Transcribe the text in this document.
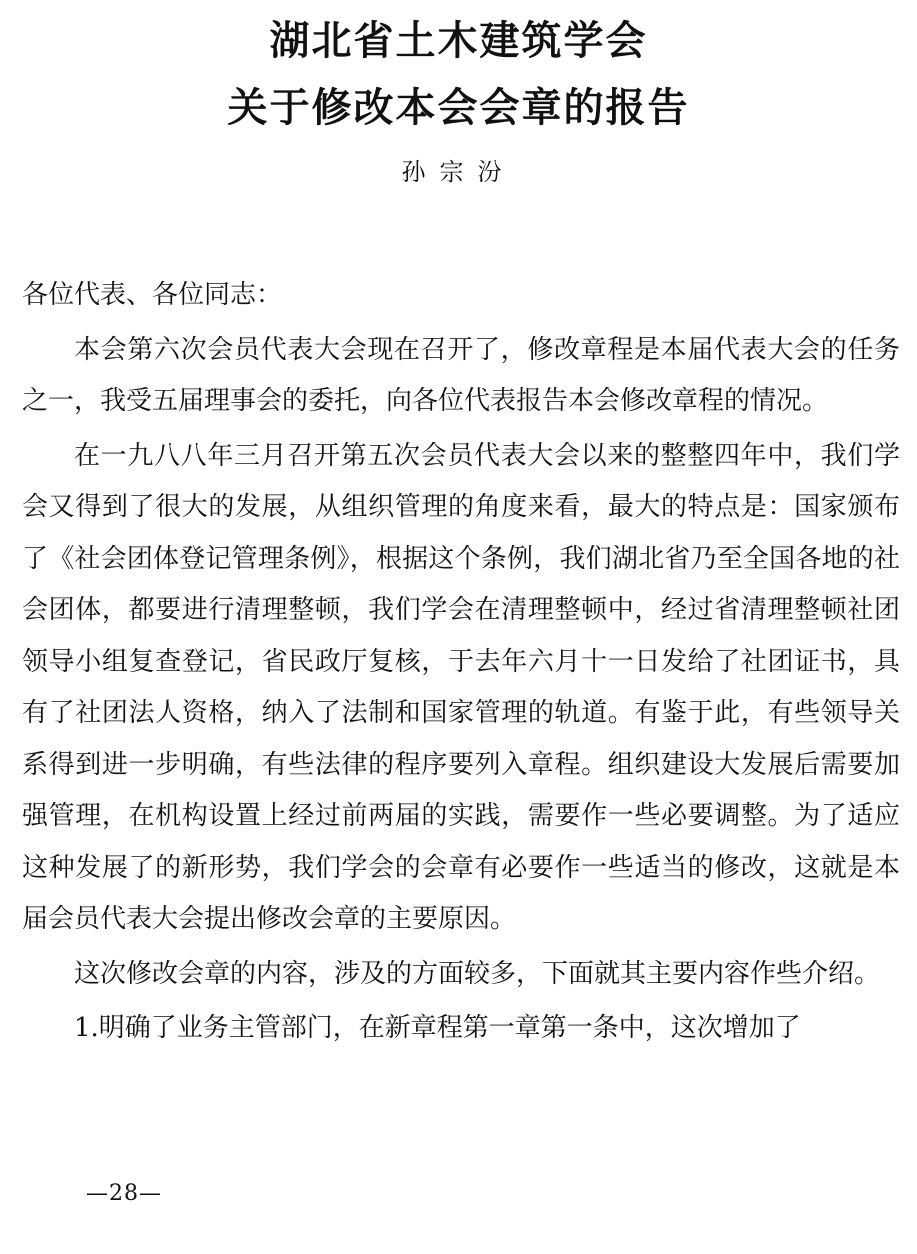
湖北省土木建筑学会
关于修改本会会章的报告
孙宗汾

各位代表、各位同志：

本会第六次会员代表大会现在召开了，修改章程是本届代表大会的任务之一，我受五届理事会的委托，向各位代表报告本会修改章程的情况。

在一九八八年三月召开第五次会员代表大会以来的整整四年中，我们学会又得到了很大的发展，从组织管理的角度来看，最大的特点是：国家颁布了《社会团体登记管理条例》，根据这个条例，我们湖北省乃至全国各地的社会团体，都要进行清理整顿，我们学会在清理整顿中，经过省清理整顿社团领导小组复查登记，省民政厅复核，于去年六月十一日发给了社团证书，具有了社团法人资格，纳入了法制和国家管理的轨道。有鉴于此，有些领导关系得到进一步明确，有些法律的程序要列入章程。组织建设大发展后需要加强管理，在机构设置上经过前两届的实践，需要作一些必要调整。为了适应这种发展了的新形势，我们学会的会章有必要作一些适当的修改，这就是本届会员代表大会提出修改会章的主要原因。

这次修改会章的内容，涉及的方面较多，下面就其主要内容作些介绍。

1.明确了业务主管部门，在新章程第一章第一条中，这次增加了

—28—
